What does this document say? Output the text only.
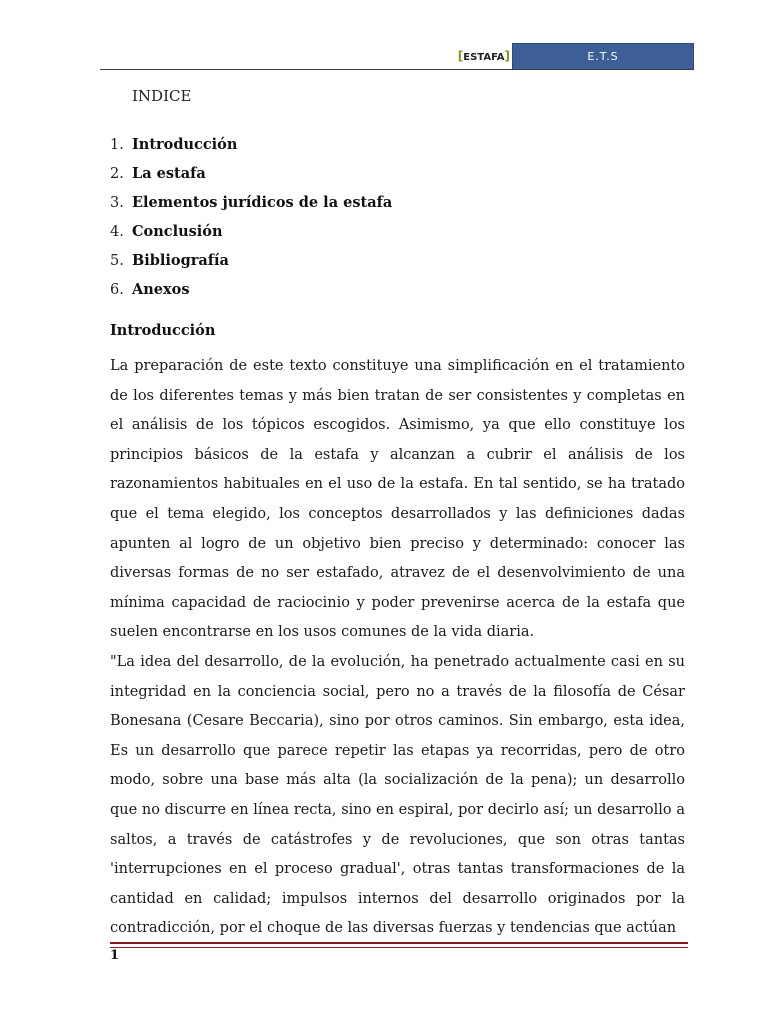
[ESTAFA]	E.T.S
INDICE
1. Introducción
2. La estafa
3. Elementos jurídicos de la estafa
4. Conclusión
5. Bibliografía
6. Anexos
Introducción

La preparación de este texto constituye una simplificación en el tratamiento de los diferentes temas y más bien tratan de ser consistentes y completas en el análisis de los tópicos escogidos. Asimismo, ya que ello constituye los principios básicos de la estafa y alcanzan a cubrir el análisis de los razonamientos habituales en el uso de la estafa. En tal sentido, se ha tratado que el tema elegido, los conceptos desarrollados y las definiciones dadas apunten al logro de un objetivo bien preciso y determinado: conocer las diversas formas de no ser estafado, atravez de el desenvolvimiento de una mínima capacidad de raciocinio y poder prevenirse acerca de la estafa que suelen encontrarse en los usos comunes de la vida diaria.

"La idea del desarrollo, de la evolución, ha penetrado actualmente casi en su integridad en la conciencia social, pero no a través de la filosofía de César Bonesana (Cesare Beccaria), sino por otros caminos. Sin embargo, esta idea, Es un desarrollo que parece repetir las etapas ya recorridas, pero de otro modo, sobre una base más alta (la socialización de la pena); un desarrollo que no discurre en línea recta, sino en espiral, por decirlo así; un desarrollo a saltos, a través de catástrofes y de revoluciones, que son otras tantas 'interrupciones en el proceso gradual', otras tantas transformaciones de la cantidad en calidad; impulsos internos del desarrollo originados por la contradicción, por el choque de las diversas fuerzas y tendencias que actúan

1
